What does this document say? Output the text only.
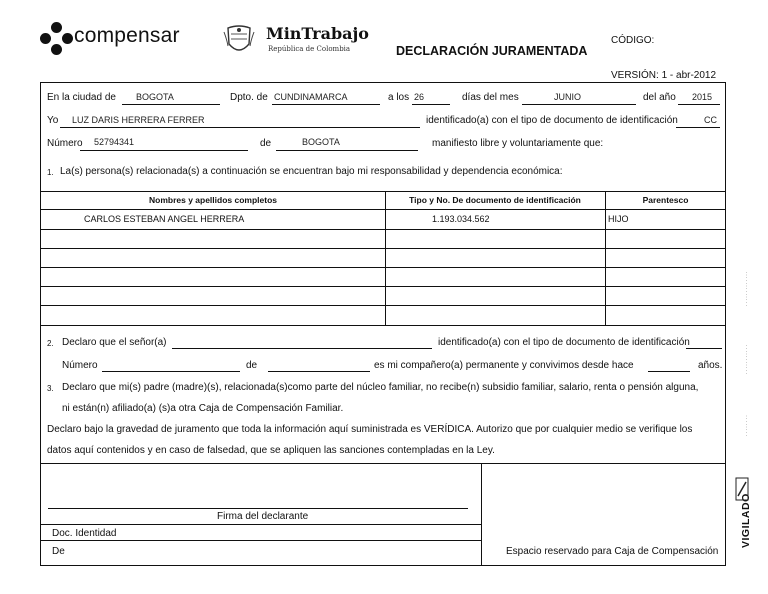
compensar	MinTrabajo
República de Colombia	DECLARACIÓN JURAMENTADA
CÓDIGO:
VERSIÓN: 1 - abr-2012
En la ciudad de BOGOTA	Dpto. de CUNDINAMARCA	a los 26	días del mes	JUNIO	del año 2015
Yo LUZ DARIS HERRERA FERRER	identificado(a) con el tipo de documento de identificación	CC
Número 52794341	de	BOGOTA	manifiesto libre y voluntariamente que:
1. La(s) persona(s) relacionada(s) a continuación se encuentran bajo mi responsabilidad y dependencia económica:
Nombres y apellidos completos	Tipo y No. De documento de identificación	Parentesco
CARLOS ESTEBAN ANGEL HERRERA	1.193.034.562	HIJO
2. Declaro que el señor(a)	identificado(a) con el tipo de documento de identificación
Número	de	es mi compañero(a) permanente y convivimos desde hace	años.
3. Declaro que mi(s) padre (madre)(s), relacionada(s)como parte del núcleo familiar, no recibe(n) subsidio familiar, salario, renta o pensión alguna,
ni están(n) afiliado(a) (s)a otra Caja de Compensación Familiar.
Declaro bajo la gravedad de juramento que toda la información aquí suministrada es VERÍDICA. Autorizo que por cualquier medio se verifique los
datos aquí contenidos y en caso de falsedad, que se apliquen las sanciones contempladas en la Ley.
Firma del declarante
Doc. Identidad
De	Espacio reservado para Caja de Compensación
VIGILADO
· · · · · · · ·
· · · · · · · · · · ·
· · · · · · · · · · · · ·
